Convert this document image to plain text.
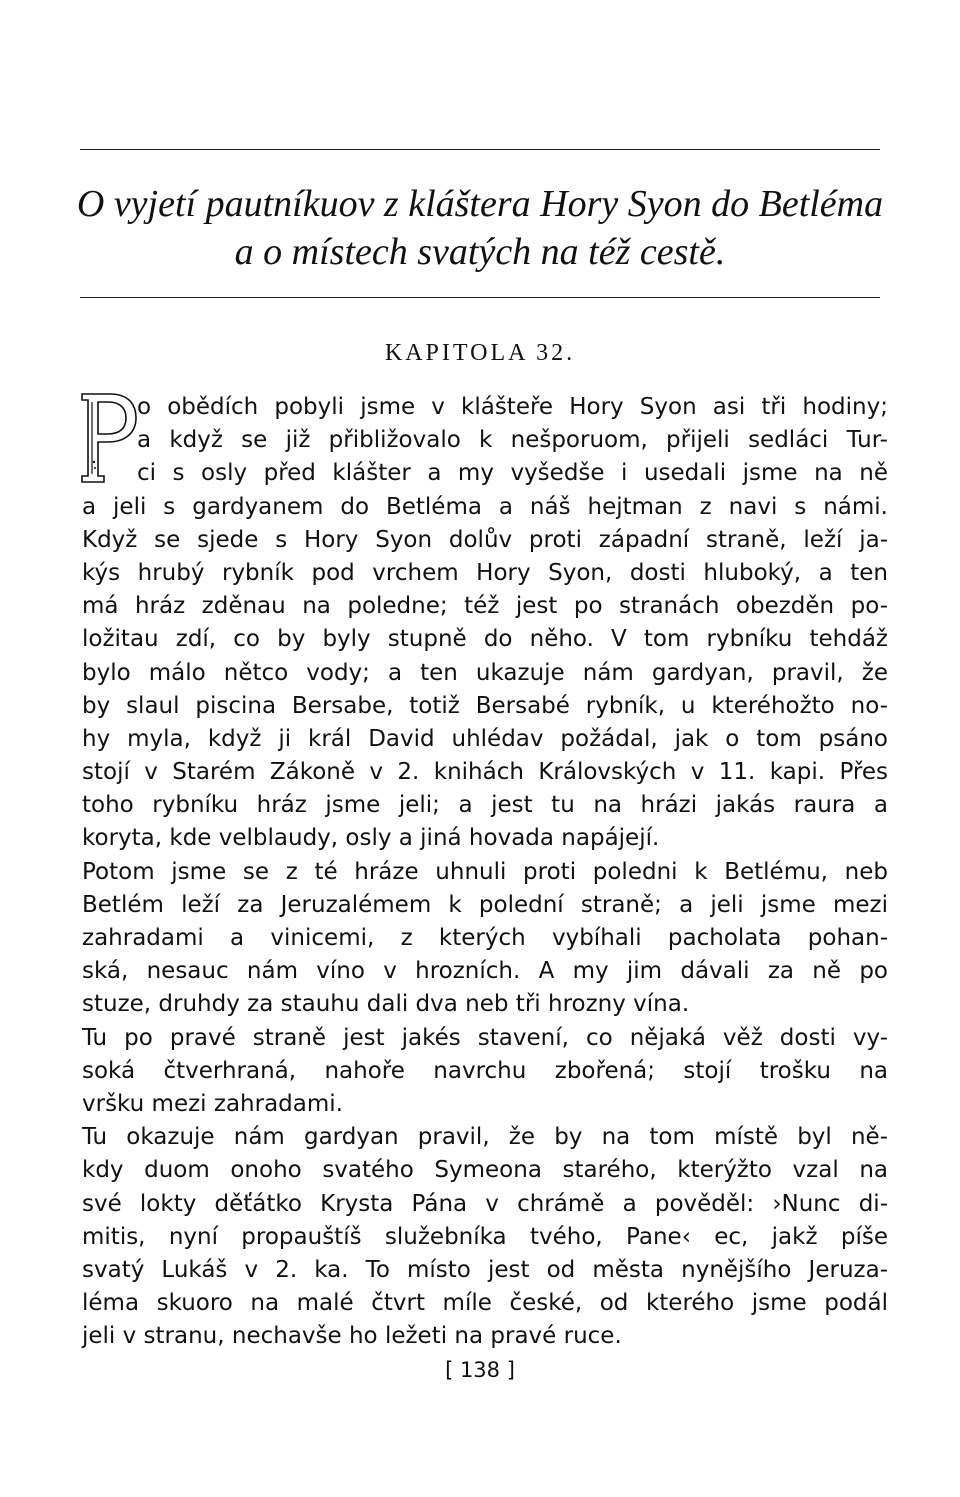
O vyjetí pautníkuov z kláštera Hory Syon do Betléma
a o místech svatých na též cestě.
KAPITOLA 32.
o obědích pobyli jsme v klášteře Hory Syon asi tři hodiny;
a když se již přibližovalo k nešporuom, přijeli sedláci Tur-
ci s osly před klášter a my vyšedše i usedali jsme na ně
a jeli s gardyanem do Betléma a náš hejtman z navi s námi.
Když se sjede s Hory Syon dolův proti západní straně, leží ja-
kýs hrubý rybník pod vrchem Hory Syon, dosti hluboký, a ten
má hráz zděnau na poledne; též jest po stranách obezděn po-
ložitau zdí, co by byly stupně do něho. V tom rybníku tehdáž
bylo málo nětco vody; a ten ukazuje nám gardyan, pravil, že
by slaul piscina Bersabe, totiž Bersabé rybník, u kteréhožto no-
hy myla, když ji král David uhlédav požádal, jak o tom psáno
stojí v Starém Zákoně v 2. knihách Královských v 11. kapi. Přes
toho rybníku hráz jsme jeli; a jest tu na hrázi jakás raura a
koryta, kde velblaudy, osly a jiná hovada napájejí.
Potom jsme se z té hráze uhnuli proti poledni k Betlému, neb
Betlém leží za Jeruzalémem k polední straně; a jeli jsme mezi
zahradami a vinicemi, z kterých vybíhali pacholata pohan-
ská, nesauc nám víno v hrozních. A my jim dávali za ně po
stuze, druhdy za stauhu dali dva neb tři hrozny vína.
Tu po pravé straně jest jakés stavení, co nějaká věž dosti vy-
soká čtverhraná, nahoře navrchu zbořená; stojí trošku na
vršku mezi zahradami.
Tu okazuje nám gardyan pravil, že by na tom místě byl ně-
kdy duom onoho svatého Symeona starého, kterýžto vzal na
své lokty děťátko Krysta Pána v chrámě a pověděl: ›Nunc di-
mitis, nyní propauštíš služebníka tvého, Pane‹ ec, jakž píše
svatý Lukáš v 2. ka. To místo jest od města nynějšího Jeruza-
léma skuoro na malé čtvrt míle české, od kterého jsme podál
jeli v stranu, nechavše ho ležeti na pravé ruce.
[ 138 ]
